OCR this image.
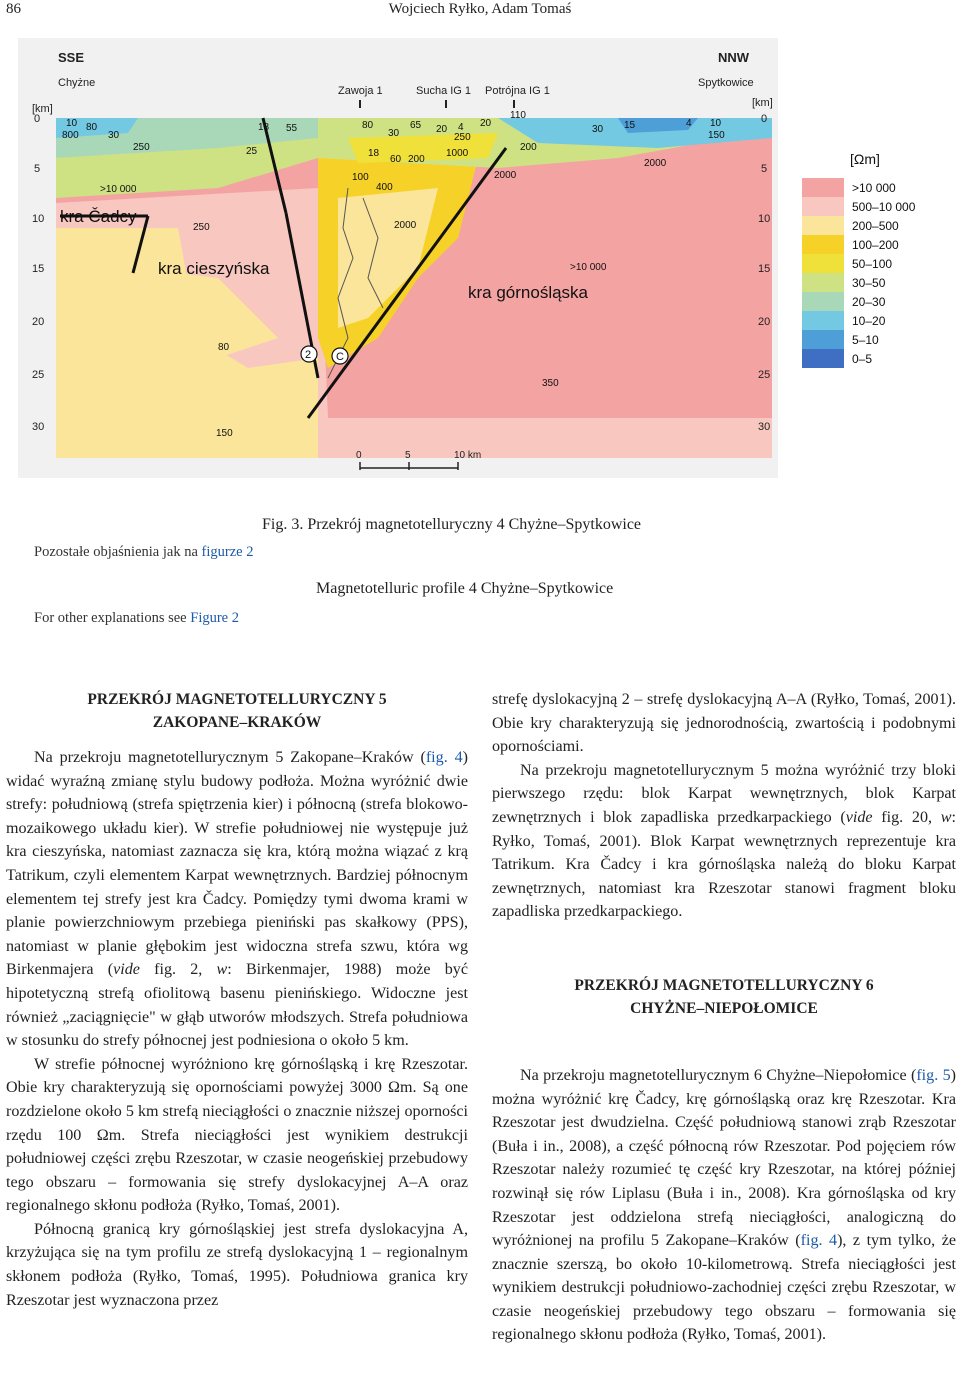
86	Wojciech Ryłko, Adam Tomaś
[km]
0
5
10
15
20
25
30
[km]
0
5
10
15
20
25
30
SSE	NNW
Chyżne
Zawoja 1	Sucha IG 1 Potrójna IG 1
Spytkowice
kra Čadcy
kra cieszyńska
kra górnośląska
10 80
800	30
250
18 55
25
>10 000
250
80
150
80
30
18
60 200
100
400
65	4
20
250
1000
2000
20
110
30
200
2000
15	4 10
150
2000
>10 000
350
2 C
0	5	10 km
[Ωm]
>10 000
500–10 000
200–500
100–200
50–100
30–50
20–30
10–20
5–10
0–5
Fig. 3. Przekrój magnetotelluryczny 4 Chyżne–Spytkowice
Magnetotelluric profile 4 Chyżne–Spytkowice
Pozostałe objaśnienia jak na figurze 2
For other explanations see Figure 2
PRZEKRÓJ MAGNETOTELLURYCZNY 5
ZAKOPANE–KRAKÓW

Na przekroju magnetotellurycznym 5 Zakopane–Kraków (fig. 4) widać wyraźną zmianę stylu budowy podłoża. Można wyróżnić dwie strefy: południową (strefa spiętrzenia kier) i północną (strefa blokowo-mozaikowego układu kier). W strefie południowej nie występuje już kra cieszyńska, natomiast zaznacza się kra, którą można wiązać z krą Tatrikum, czyli elementem Karpat wewnętrznych. Bardziej północnym elementem tej strefy jest kra Čadcy. Pomiędzy tymi dwoma krami w planie powierzchniowym przebiega pieniński pas skałkowy (PPS), natomiast w planie głębokim jest widoczna strefa szwu, która wg Birkenmajera (vide fig. 2, w: Birkenmajer, 1988) może być hipotetyczną strefą ofiolitową basenu pienińskiego. Widoczne jest również „zaciągnięcie" w głąb utworów młodszych. Strefa południowa w stosunku do strefy północnej jest podniesiona o około 5 km.

W strefie północnej wyróżniono krę górnośląską i krę Rzeszotar. Obie kry charakteryzują się opornościami powyżej 3000 Ωm. Są one rozdzielone około 5 km strefą nieciągłości o znacznie niższej oporności rzędu 100 Ωm. Strefa nieciągłości jest wynikiem destrukcji południowej części zrębu Rzeszotar, w czasie neogeńskiej przebudowy tego obszaru – formowania się strefy dyslokacyjnej A–A oraz regionalnego skłonu podłoża (Ryłko, Tomaś, 2001).

Północną granicą kry górnośląskiej jest strefa dyslokacyjna A, krzyżująca się na tym profilu ze strefą dyslokacyjną 1 – regionalnym skłonem podłoża (Ryłko, Tomaś, 1995). Południowa granica kry Rzeszotar jest wyznaczona przez

strefę dyslokacyjną 2 – strefę dyslokacyjną A–A (Ryłko, Tomaś, 2001). Obie kry charakteryzują się jednorodnością, zwartością i podobnymi opornościami.

Na przekroju magnetotellurycznym 5 można wyróżnić trzy bloki pierwszego rzędu: blok Karpat wewnętrznych, blok Karpat zewnętrznych i blok zapadliska przedkarpackiego (vide fig. 20, w: Ryłko, Tomaś, 2001). Blok Karpat wewnętrznych reprezentuje kra Tatrikum. Kra Čadcy i kra górnośląska należą do bloku Karpat zewnętrznych, natomiast kra Rzeszotar stanowi fragment bloku zapadliska przedkarpackiego.

PRZEKRÓJ MAGNETOTELLURYCZNY 6
CHYŻNE–NIEPOŁOMICE

Na przekroju magnetotellurycznym 6 Chyżne–Niepołomice (fig. 5) można wyróżnić krę Čadcy, krę górnośląską oraz krę Rzeszotar. Kra Rzeszotar jest dwudzielna. Część południową stanowi zrąb Rzeszotar (Buła i in., 2008), a część północną rów Rzeszotar. Pod pojęciem rów Rzeszotar należy rozumieć tę część kry Rzeszotar, na której później rozwinął się rów Liplasu (Buła i in., 2008). Kra górnośląska od kry Rzeszotar jest oddzielona strefą nieciągłości, analogiczną do wyróżnionej na profilu 5 Zakopane–Kraków (fig. 4), z tym tylko, że znacznie szerszą, bo około 10-kilometrową. Strefa nieciągłości jest wynikiem destrukcji południowo-zachodniej części zrębu Rzeszotar, w czasie neogeńskiej przebudowy tego obszaru – formowania się regionalnego skłonu podłoża (Ryłko, Tomaś, 2001).
